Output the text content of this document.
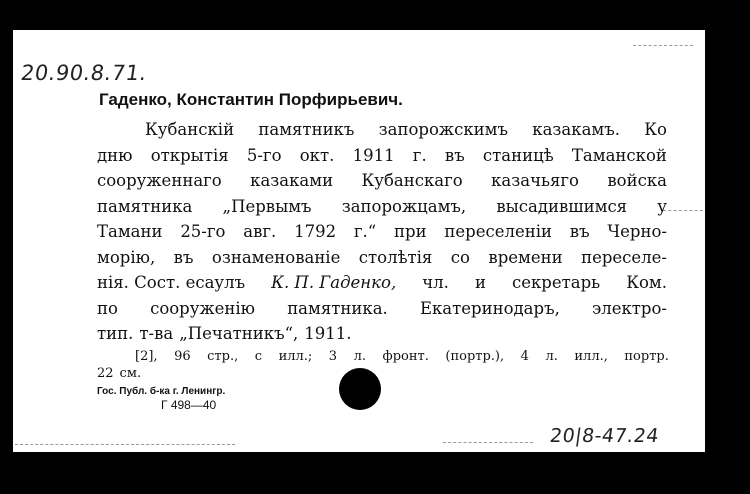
20.90.8.71.
Гаденко, Константин Порфирьевич.
Кубанскій памятникъ запорожскимъ казакамъ. Ко
дню открытія 5-го окт. 1911 г. въ станицѣ Таманской
сооруженнаго казаками Кубанскаго казачьяго войска
памятника „Первымъ запорожцамъ, высадившимся у
Тамани 25-го авг. 1792 г.“ при переселеніи въ Черно-
морію, въ ознаменованіе столѣтія со времени переселе-
нія. Сост. есаулъ К. П. Гаденко, чл. и секретарь Ком.
по сооруженію памятника. Екатеринодаръ, электро-
тип. т-ва „Печатникъ“, 1911.
[2], 96 стр., с илл.; 3 л. фронт. (портр.), 4 л. илл., портр.
22 см.
Гос. Публ. б-ка г. Ленингр.
Г 498—40
20|8-47.24
